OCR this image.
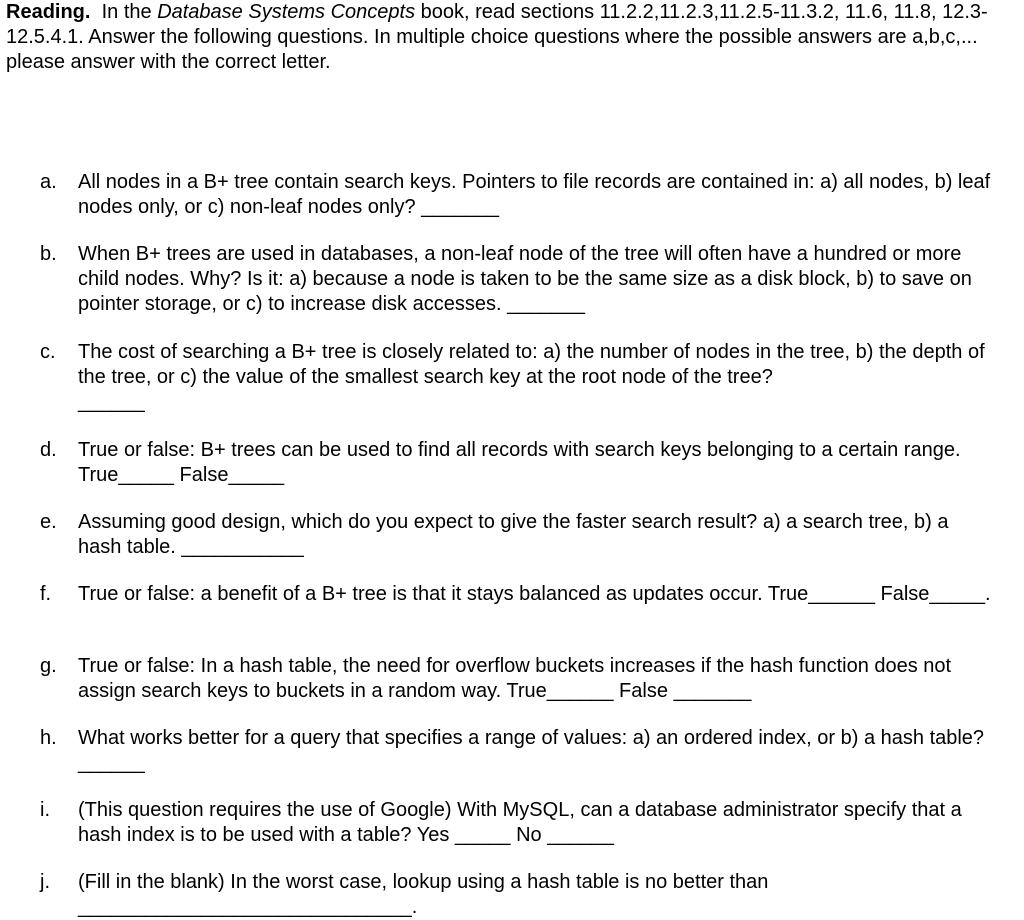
Reading. In the Database Systems Concepts book, read sections 11.2.2,11.2.3,11.2.5-11.3.2, 11.6, 11.8, 12.3-12.5.4.1. Answer the following questions. In multiple choice questions where the possible answers are a,b,c,... please answer with the correct letter.

a.	All nodes in a B+ tree contain search keys. Pointers to file records are contained in: a) all nodes, b) leaf nodes only, or c) non-leaf nodes only? _______
b.	When B+ trees are used in databases, a non-leaf node of the tree will often have a hundred or more child nodes. Why? Is it: a) because a node is taken to be the same size as a disk block, b) to save on pointer storage, or c) to increase disk accesses. _______
c.	The cost of searching a B+ tree is closely related to: a) the number of nodes in the tree, b) the depth of the tree, or c) the value of the smallest search key at the root node of the tree?
______
d.	True or false: B+ trees can be used to find all records with search keys belonging to a certain range. True_____ False_____
e.	Assuming good design, which do you expect to give the faster search result? a) a search tree, b) a hash table. ___________
f.	True or false: a benefit of a B+ tree is that it stays balanced as updates occur. True______ False_____.
g.	True or false: In a hash table, the need for overflow buckets increases if the hash function does not assign search keys to buckets in a random way. True______ False _______
h.	What works better for a query that specifies a range of values: a) an ordered index, or b) a hash table? ______
i.	(This question requires the use of Google) With MySQL, can a database administrator specify that a hash index is to be used with a table? Yes _____ No ______
j.	(Fill in the blank) In the worst case, lookup using a hash table is no better than
______________________________.
